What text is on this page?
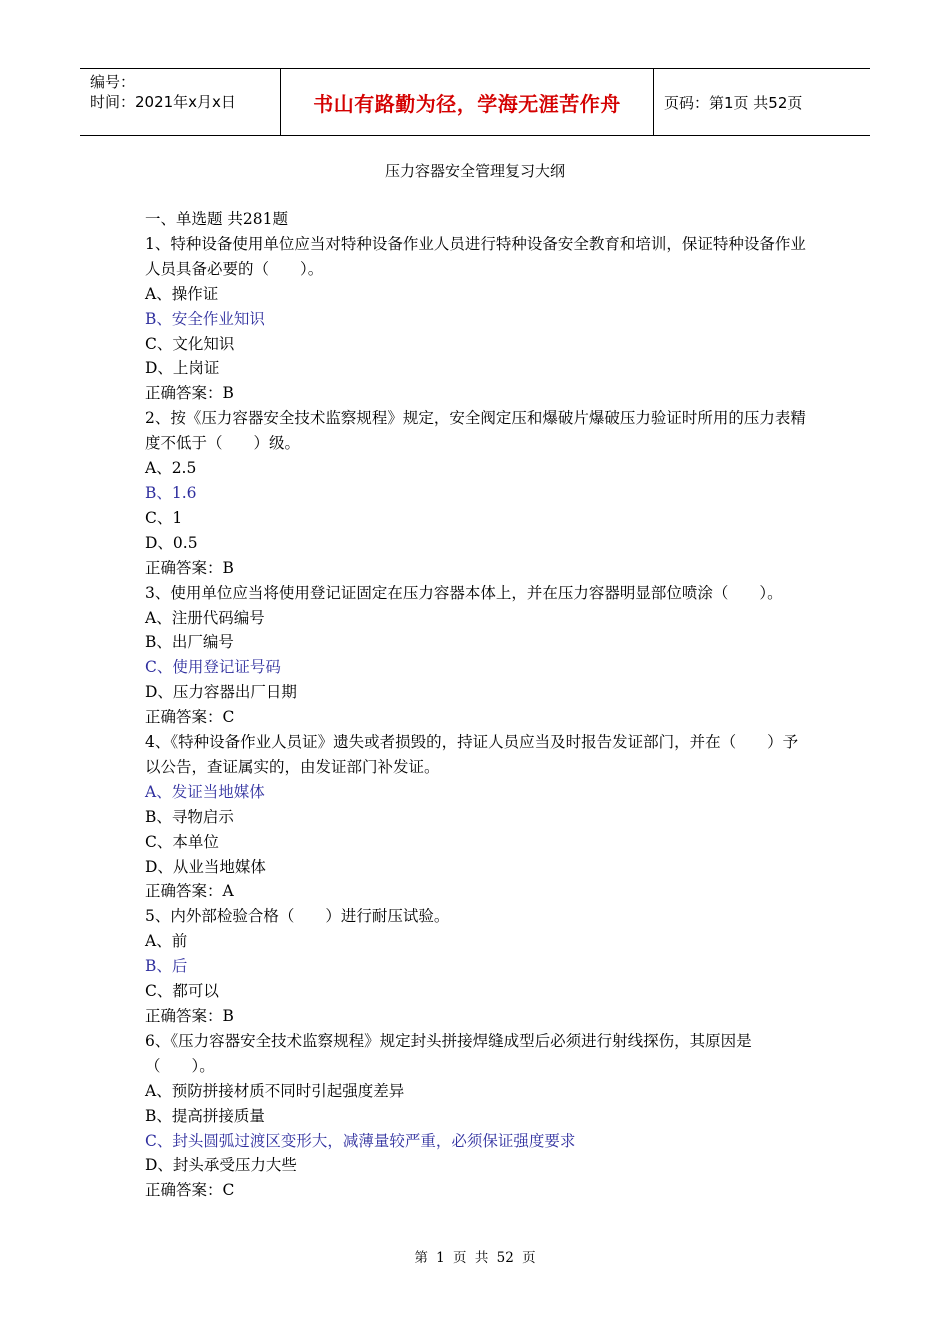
编号：
时间：2021年x月x日	书山有路勤为径，学海无涯苦作舟	页码：第1页 共52页
压力容器安全管理复习大纲
一、单选题 共281题
1、特种设备使用单位应当对特种设备作业人员进行特种设备安全教育和培训，保证特种设备作业人员具备必要的（　　）。
A、操作证
B、安全作业知识
C、文化知识
D、上岗证
正确答案：B
2、按《压力容器安全技术监察规程》规定，安全阀定压和爆破片爆破压力验证时所用的压力表精度不低于（　　）级。
A、2.5
B、1.6
C、1
D、0.5
正确答案：B
3、使用单位应当将使用登记证固定在压力容器本体上，并在压力容器明显部位喷涂（　　）。
A、注册代码编号
B、出厂编号
C、使用登记证号码
D、压力容器出厂日期
正确答案：C
4、《特种设备作业人员证》遗失或者损毁的，持证人员应当及时报告发证部门，并在（　　）予以公告，查证属实的，由发证部门补发证。
A、发证当地媒体
B、寻物启示
C、本单位
D、从业当地媒体
正确答案：A
5、内外部检验合格（　　）进行耐压试验。
A、前
B、后
C、都可以
正确答案：B
6、《压力容器安全技术监察规程》规定封头拼接焊缝成型后必须进行射线探伤，其原因是（　　）。
A、预防拼接材质不同时引起强度差异
B、提高拼接质量
C、封头圆弧过渡区变形大，减薄量较严重，必须保证强度要求
D、封头承受压力大些
正确答案：C
第 1 页 共 52 页
